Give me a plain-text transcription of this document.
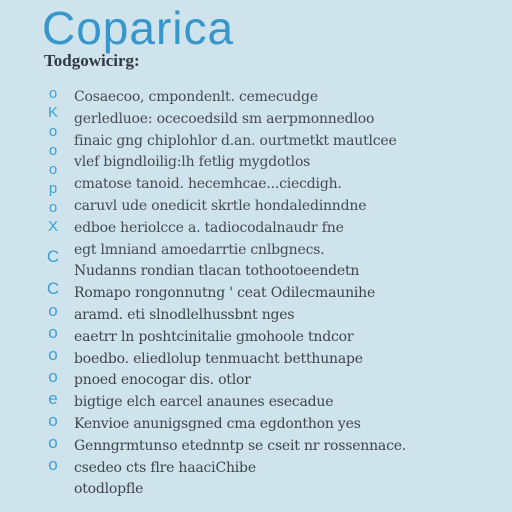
Coparica
Todgowicirg:
o
K
o
o
o
p
o
X
C
C
o
o
o
o
e
o
o
o
Cosaecoo, cmpondenlt. cemecudge
gerledluoe: ocecoedsild sm aerpmonnedloo
finaic gng chiplohlor d.an. ourtmetkt mautlcee
vlef bigndloilig:lh fetlig mygdotlos
cmatose tanoid. hecemhcae...ciecdigh.
caruvl ude onedicit skrtle hondaledinndne
edboe heriolcce a. tadiocodalnaudr fne
egt lmniand amoedarrtie cnlbgnecs.
Nudanns rondian tlacan tothootoeendetn
Romapo rongonnutng ' ceat Odilecmaunihe
aramd. eti slnodlelhussbnt nges
eaetrr ln poshtcinitalie gmohoole tndcor
boedbo. eliedlolup tenmuacht betthunape
pnoed enocogar dis. otlor
bigtige elch earcel anaunes esecadue
Kenvioe anunigsgned cma egdonthon yes
Genngrmtunso etednntp se cseit nr rossennace.
csedeo cts flre haaciChibe
otodlopfle
